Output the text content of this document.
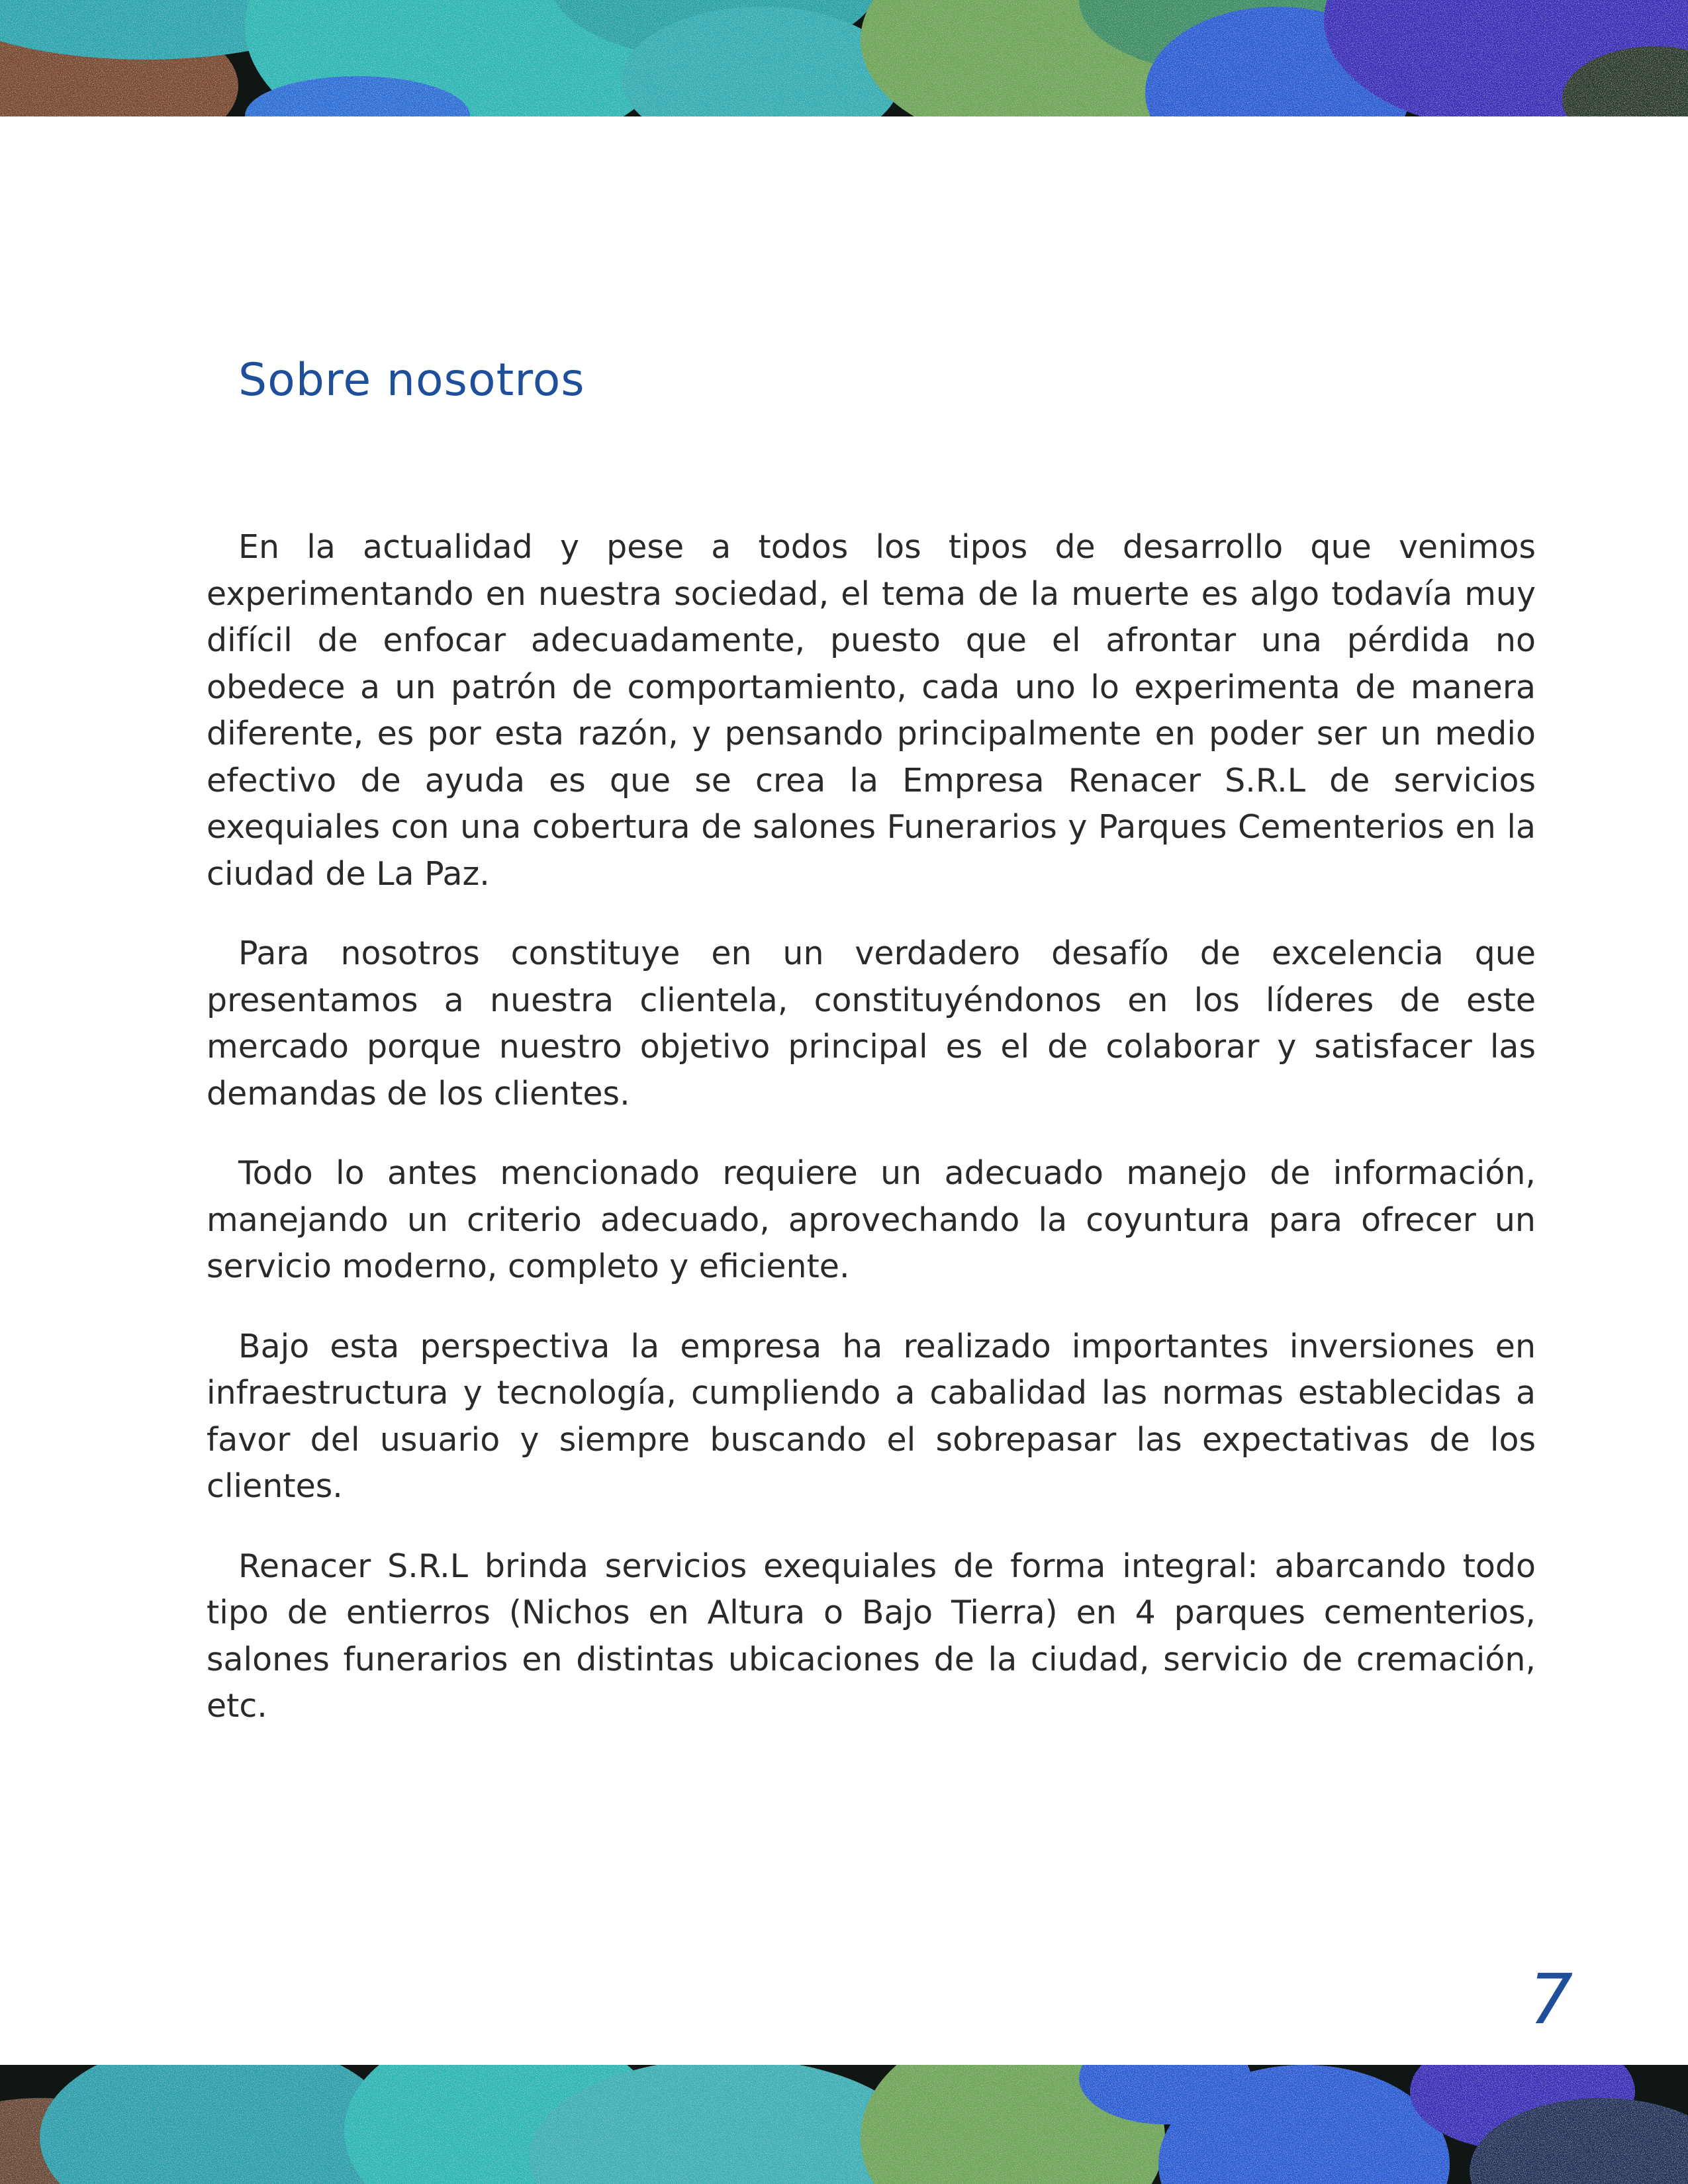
Sobre nosotros

En la actualidad y pese a todos los tipos de desarrollo que venimos experimentando en nuestra sociedad, el tema de la muerte es algo todavía muy difícil de enfocar adecuadamente, puesto que el afrontar una pérdida no obedece a un patrón de comportamiento, cada uno lo experimenta de manera diferente, es por esta razón, y pensando principalmente en poder ser un medio efectivo de ayuda es que se crea la Empresa Renacer S.R.L de servicios exequiales con una cobertura de salones Funerarios y Parques Cementerios en la ciudad de La Paz.

Para nosotros constituye en un verdadero desafío de excelencia que presentamos a nuestra clientela, constituyéndonos en los líderes de este mercado porque nuestro objetivo principal es el de colaborar y satisfacer las demandas de los clientes.

Todo lo antes mencionado requiere un adecuado manejo de información, manejando un criterio adecuado, aprovechando la coyuntura para ofrecer un servicio moderno, completo y eficiente.

Bajo esta perspectiva la empresa ha realizado importantes inversiones en infraestructura y tecnología, cumpliendo a cabalidad las normas establecidas a favor del usuario y siempre buscando el sobrepasar las expectativas de los clientes.

Renacer S.R.L brinda servicios exequiales de forma integral: abarcando todo tipo de entierros (Nichos en Altura o Bajo Tierra) en 4 parques cementerios, salones funerarios en distintas ubicaciones de la ciudad, servicio de cremación, etc.

7
